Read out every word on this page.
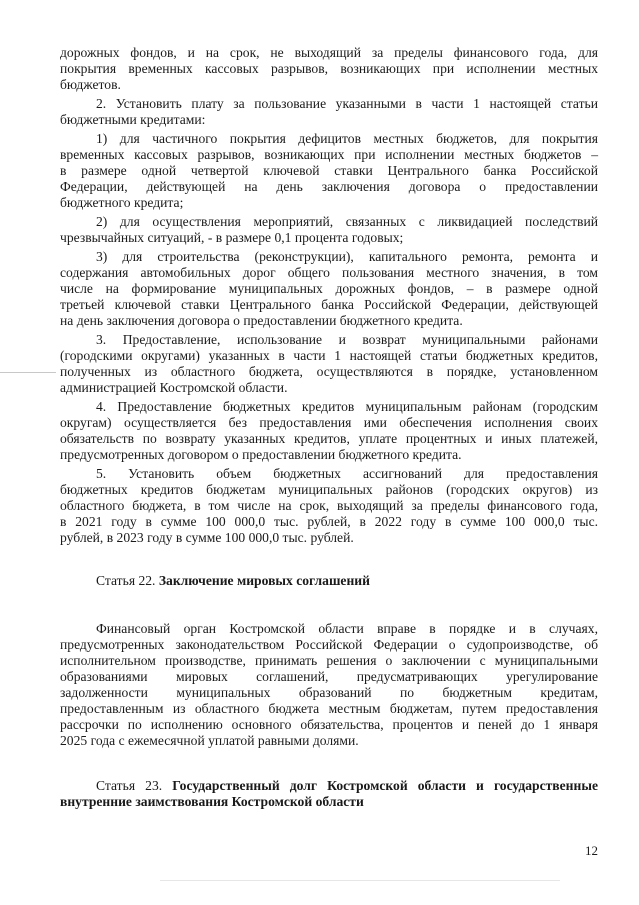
дорожных фондов, и на срок, не выходящий за пределы финансового года, для
покрытия временных кассовых разрывов, возникающих при исполнении местных
бюджетов.
2. Установить плату за пользование указанными в части 1 настоящей статьи
бюджетными кредитами:
1) для частичного покрытия дефицитов местных бюджетов, для покрытия
временных кассовых разрывов, возникающих при исполнении местных бюджетов –
в размере одной четвертой ключевой ставки Центрального банка Российской
Федерации, действующей на день заключения договора о предоставлении
бюджетного кредита;
2) для осуществления мероприятий, связанных с ликвидацией последствий
чрезвычайных ситуаций, - в размере 0,1 процента годовых;
3) для строительства (реконструкции), капитального ремонта, ремонта и
содержания автомобильных дорог общего пользования местного значения, в том
числе на формирование муниципальных дорожных фондов, – в размере одной
третьей ключевой ставки Центрального банка Российской Федерации, действующей
на день заключения договора о предоставлении бюджетного кредита.
3. Предоставление, использование и возврат муниципальными районами
(городскими округами) указанных в части 1 настоящей статьи бюджетных кредитов,
полученных из областного бюджета, осуществляются в порядке, установленном
администрацией Костромской области.
4. Предоставление бюджетных кредитов муниципальным районам (городским
округам) осуществляется без предоставления ими обеспечения исполнения своих
обязательств по возврату указанных кредитов, уплате процентных и иных платежей,
предусмотренных договором о предоставлении бюджетного кредита.
5. Установить объем бюджетных ассигнований для предоставления
бюджетных кредитов бюджетам муниципальных районов (городских округов) из
областного бюджета, в том числе на срок, выходящий за пределы финансового года,
в 2021 году в сумме 100 000,0 тыс. рублей, в 2022 году в сумме 100 000,0 тыс.
рублей, в 2023 году в сумме 100 000,0 тыс. рублей.
Статья 22. Заключение мировых соглашений
Финансовый орган Костромской области вправе в порядке и в случаях,
предусмотренных законодательством Российской Федерации о судопроизводстве, об
исполнительном производстве, принимать решения о заключении с муниципальными
образованиями мировых соглашений, предусматривающих урегулирование
задолженности муниципальных образований по бюджетным кредитам,
предоставленным из областного бюджета местным бюджетам, путем предоставления
рассрочки по исполнению основного обязательства, процентов и пеней до 1 января
2025 года с ежемесячной уплатой равными долями.
Статья 23. Государственный долг Костромской области и государственные
внутренние заимствования Костромской области
12
